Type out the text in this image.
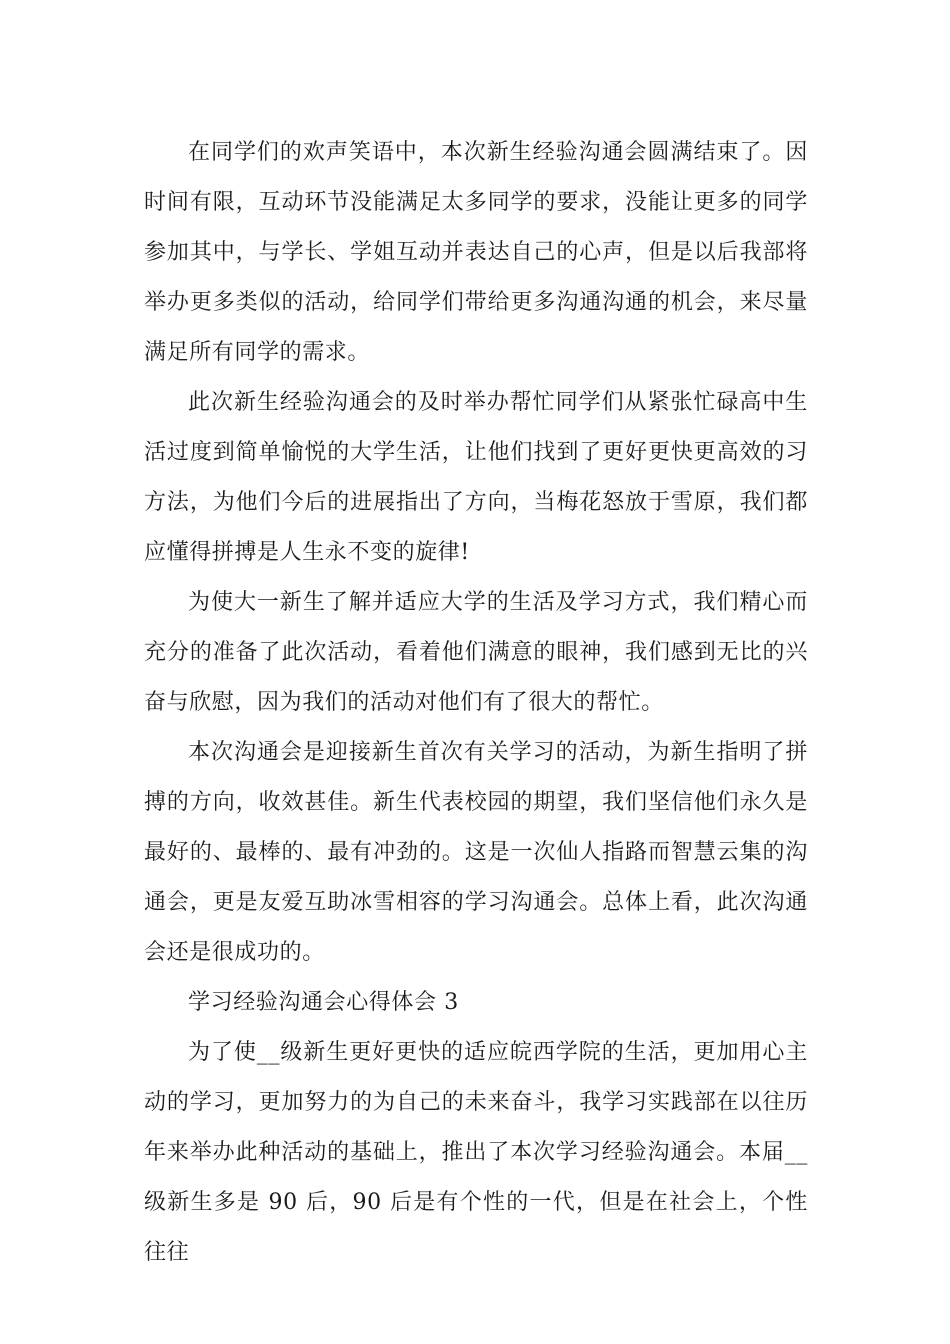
在同学们的欢声笑语中，本次新生经验沟通会圆满结束了。因时间有限，互动环节没能满足太多同学的要求，没能让更多的同学参加其中，与学长、学姐互动并表达自己的心声，但是以后我部将举办更多类似的活动，给同学们带给更多沟通沟通的机会，来尽量满足所有同学的需求。

此次新生经验沟通会的及时举办帮忙同学们从紧张忙碌高中生活过度到简单愉悦的大学生活，让他们找到了更好更快更高效的习方法，为他们今后的进展指出了方向，当梅花怒放于雪原，我们都应懂得拼搏是人生永不变的旋律!

为使大一新生了解并适应大学的生活及学习方式，我们精心而充分的准备了此次活动，看着他们满意的眼神，我们感到无比的兴奋与欣慰，因为我们的活动对他们有了很大的帮忙。

本次沟通会是迎接新生首次有关学习的活动，为新生指明了拼搏的方向，收效甚佳。新生代表校园的期望，我们坚信他们永久是最好的、最棒的、最有冲劲的。这是一次仙人指路而智慧云集的沟通会，更是友爱互助冰雪相容的学习沟通会。总体上看，此次沟通会还是很成功的。

学习经验沟通会心得体会 3

为了使__级新生更好更快的适应皖西学院的生活，更加用心主动的学习，更加努力的为自己的未来奋斗，我学习实践部在以往历年来举办此种活动的基础上，推出了本次学习经验沟通会。本届__级新生多是 90 后，90 后是有个性的一代，但是在社会上，个性往往
